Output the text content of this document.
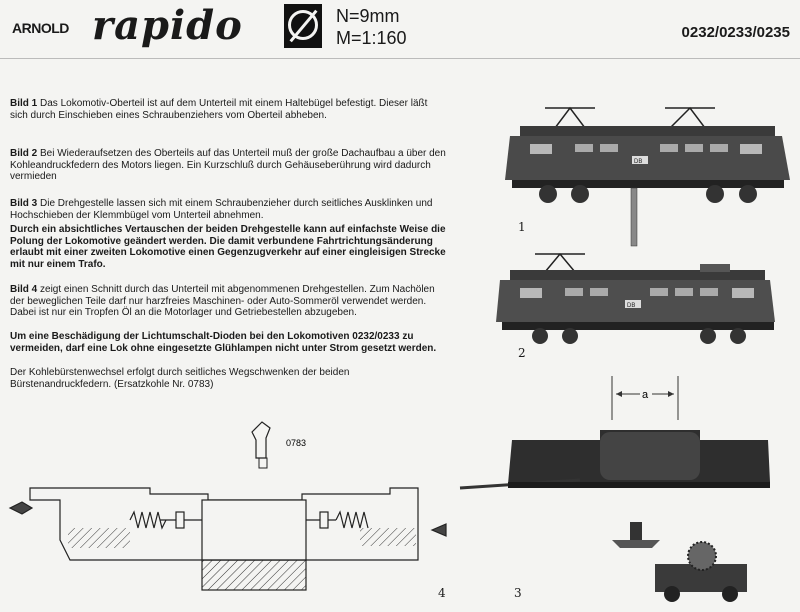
ARNOLD rapido	N=9mm
M=1:160	0232/0233/0235
Bild 1 Das Lokomotiv-Oberteil ist auf dem Unterteil mit einem Haltebügel befestigt. Dieser läßt sich durch Einschieben eines Schraubenziehers vom Oberteil abheben.
Bild 2 Bei Wiederaufsetzen des Oberteils auf das Unterteil muß der große Dachaufbau a über den Kohleandruckfedern des Motors liegen. Ein Kurzschluß durch Gehäuseberührung wird dadurch vermieden
Bild 3 Die Drehgestelle lassen sich mit einem Schraubenzieher durch seitliches Ausklinken und Hochschieben der Klemmbügel vom Unterteil abnehmen.
Durch ein absichtliches Vertauschen der beiden Drehgestelle kann auf einfachste Weise die Polung der Lokomotive geändert werden. Die damit verbundene Fahrtrichtungsänderung erlaubt mit einer zweiten Lokomotive einen Gegenzugverkehr auf einer eingleisigen Strecke mit nur einem Trafo.
Bild 4 zeigt einen Schnitt durch das Unterteil mit abgenommenen Drehgestellen. Zum Nachölen der beweglichen Teile darf nur harzfreies Maschinen- oder Auto-Sommeröl verwendet werden. Dabei ist nur ein Tropfen Öl an die Motorlager und Getriebestellen abzugeben.
Um eine Beschädigung der Lichtumschalt-Dioden bei den Lokomotiven 0232/0233 zu vermeiden, darf eine Lok ohne eingesetzte Glühlampen nicht unter Strom gesetzt werden.
Der Kohlebürstenwechsel erfolgt durch seitliches Wegschwenken der beiden Bürstenandruckfedern. (Ersatzkohle Nr. 0783)
DB
DB
a
0783
1
2
3
4
